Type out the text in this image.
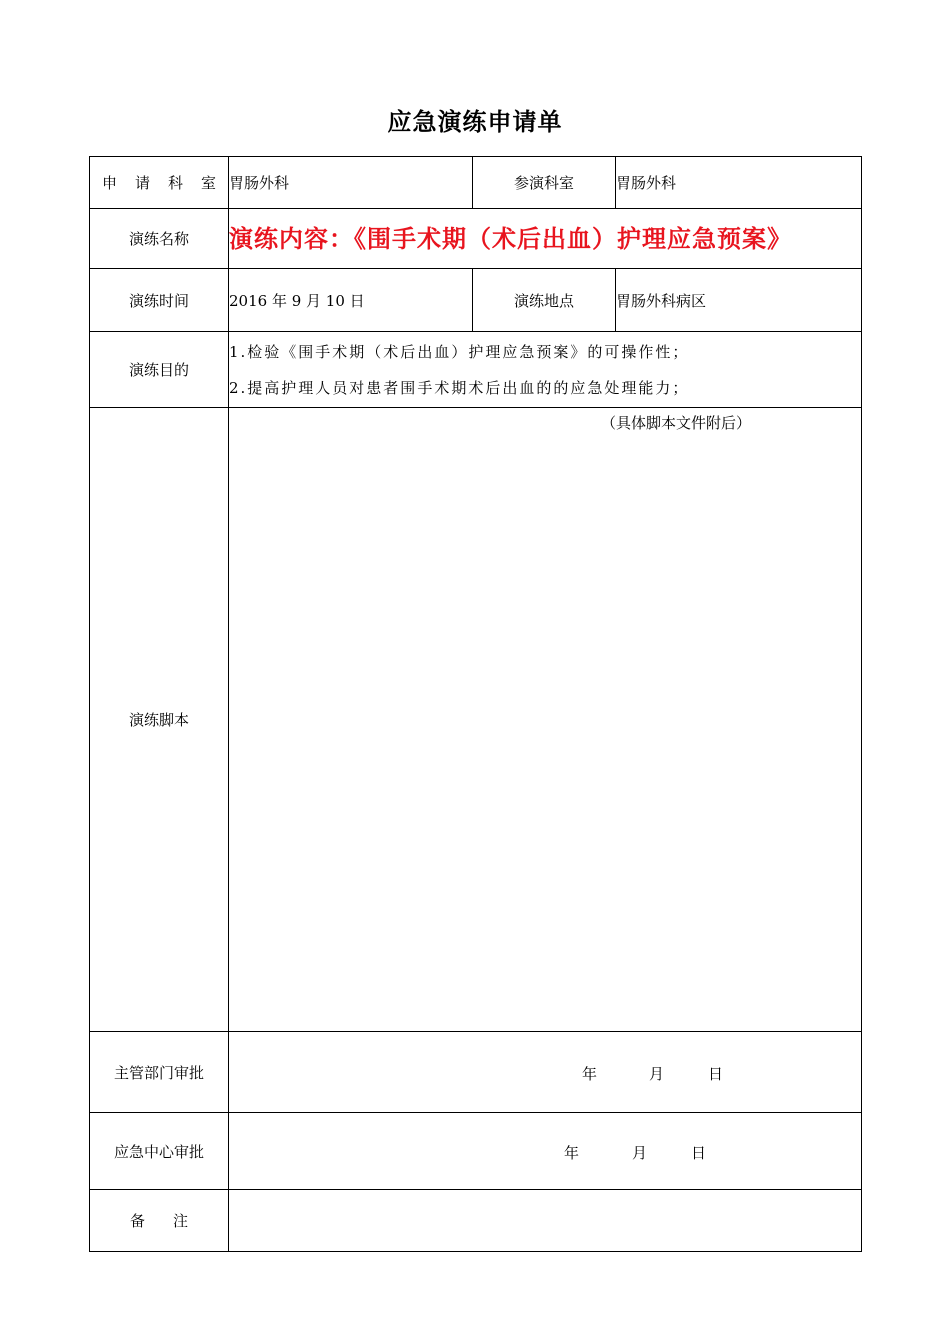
应急演练申请单
申请科室	胃肠外科	参演科室	胃肠外科
演练名称	演练内容：《围手术期（术后出血）护理应急预案》		
演练时间	2016 年 9 月 10 日	演练地点	胃肠外科病区
演练目的	1.检验《围手术期（术后出血）护理应急预案》的可操作性；
2.提高护理人员对患者围手术期术后出血的的应急处理能力；		

演练脚本	（具体脚本文件附后）		

主管部门审批	年 月 日		

应急中心审批	年 月 日		

备注			
